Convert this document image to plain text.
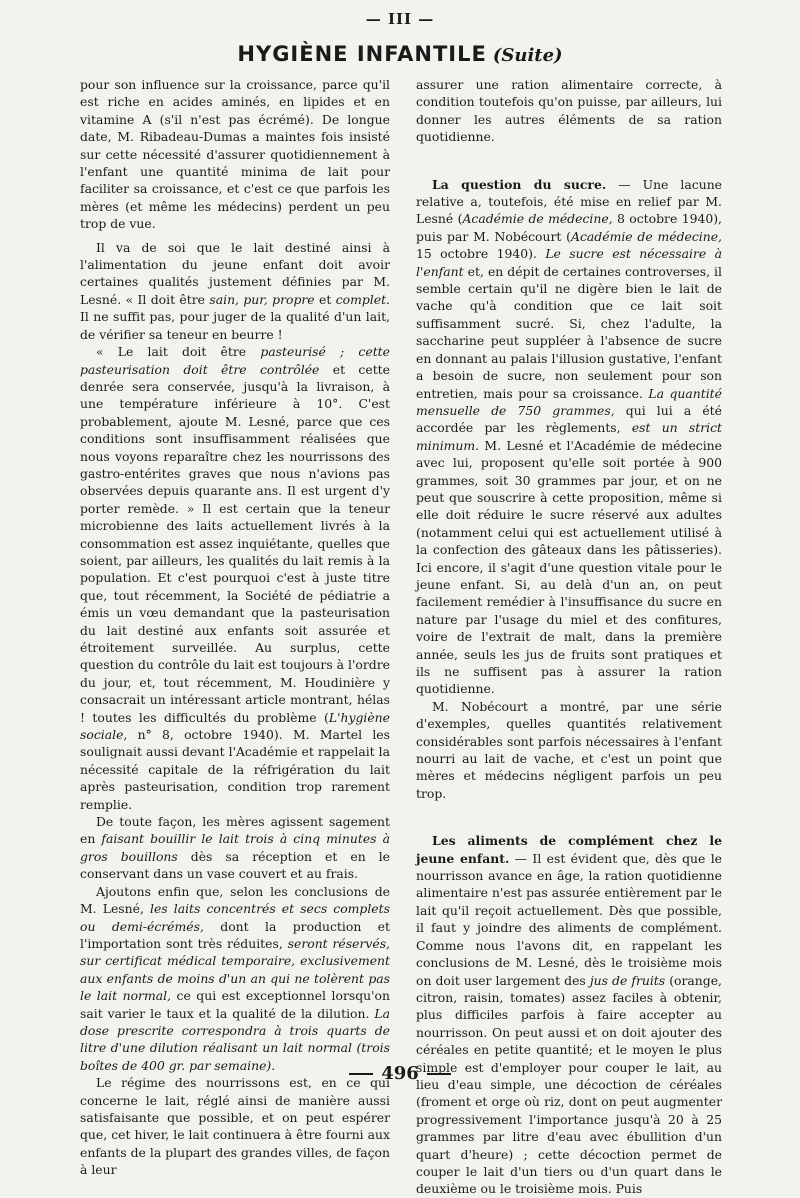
— III —
HYGIÈNE INFANTILE (Suite)

pour son influence sur la croissance, parce qu'il est riche en acides aminés, en lipides et en vitamine A (s'il n'est pas écrémé). De longue date, M. Ribadeau-Dumas a maintes fois insisté sur cette nécessité d'assurer quotidiennement à l'enfant une quantité minima de lait pour faciliter sa croissance, et c'est ce que parfois les mères (et même les médecins) perdent un peu trop de vue.

Il va de soi que le lait destiné ainsi à l'alimentation du jeune enfant doit avoir certaines qualités justement définies par M. Lesné. « Il doit être sain, pur, propre et complet. Il ne suffit pas, pour juger de la qualité d'un lait, de vérifier sa teneur en beurre !

« Le lait doit être pasteurisé ; cette pasteurisation doit être contrôlée et cette denrée sera conservée, jusqu'à la livraison, à une température inférieure à 10°. C'est probablement, ajoute M. Lesné, parce que ces conditions sont insuffisamment réalisées que nous voyons reparaître chez les nourrissons des gastro-entérites graves que nous n'avions pas observées depuis quarante ans. Il est urgent d'y porter remède. » Il est certain que la teneur microbienne des laits actuellement livrés à la consommation est assez inquiétante, quelles que soient, par ailleurs, les qualités du lait remis à la population. Et c'est pourquoi c'est à juste titre que, tout récemment, la Société de pédiatrie a émis un vœu demandant que la pasteurisation du lait destiné aux enfants soit assurée et étroitement surveillée. Au surplus, cette question du contrôle du lait est toujours à l'ordre du jour, et, tout récemment, M. Houdinière y consacrait un intéressant article montrant, hélas ! toutes les difficultés du problème (L'hygiène sociale, n° 8, octobre 1940). M. Martel les soulignait aussi devant l'Académie et rappelait la nécessité capitale de la réfrigération du lait après pasteurisation, condition trop rarement remplie.

De toute façon, les mères agissent sagement en faisant bouillir le lait trois à cinq minutes à gros bouillons dès sa réception et en le conservant dans un vase couvert et au frais.

Ajoutons enfin que, selon les conclusions de M. Lesné, les laits concentrés et secs complets ou demi-écrémés, dont la production et l'importation sont très réduites, seront réservés, sur certificat médical temporaire, exclusivement aux enfants de moins d'un an qui ne tolèrent pas le lait normal, ce qui est exceptionnel lorsqu'on sait varier le taux et la qualité de la dilution. La dose prescrite correspondra à trois quarts de litre d'une dilution réalisant un lait normal (trois boîtes de 400 gr. par semaine).

Le régime des nourrissons est, en ce qui concerne le lait, réglé ainsi de manière aussi satisfaisante que possible, et on peut espérer que, cet hiver, le lait continuera à être fourni aux enfants de la plupart des grandes villes, de façon à leur

assurer une ration alimentaire correcte, à condition toutefois qu'on puisse, par ailleurs, lui donner les autres éléments de sa ration quotidienne.

La question du sucre. — Une lacune relative a, toutefois, été mise en relief par M. Lesné (Académie de médecine, 8 octobre 1940), puis par M. Nobécourt (Académie de médecine, 15 octobre 1940). Le sucre est nécessaire à l'enfant et, en dépit de certaines controverses, il semble certain qu'il ne digère bien le lait de vache qu'à condition que ce lait soit suffisamment sucré. Si, chez l'adulte, la saccharine peut suppléer à l'absence de sucre en donnant au palais l'illusion gustative, l'enfant a besoin de sucre, non seulement pour son entretien, mais pour sa croissance. La quantité mensuelle de 750 grammes, qui lui a été accordée par les règlements, est un strict minimum. M. Lesné et l'Académie de médecine avec lui, proposent qu'elle soit portée à 900 grammes, soit 30 grammes par jour, et on ne peut que souscrire à cette proposition, même si elle doit réduire le sucre réservé aux adultes (notamment celui qui est actuellement utilisé à la confection des gâteaux dans les pâtisseries). Ici encore, il s'agit d'une question vitale pour le jeune enfant. Si, au delà d'un an, on peut facilement remédier à l'insuffisance du sucre en nature par l'usage du miel et des confitures, voire de l'extrait de malt, dans la première année, seuls les jus de fruits sont pratiques et ils ne suffisent pas à assurer la ration quotidienne.

M. Nobécourt a montré, par une série d'exemples, quelles quantités relativement considérables sont parfois nécessaires à l'enfant nourri au lait de vache, et c'est un point que mères et médecins négligent parfois un peu trop.

Les aliments de complément chez le jeune enfant. — Il est évident que, dès que le nourrisson avance en âge, la ration quotidienne alimentaire n'est pas assurée entièrement par le lait qu'il reçoit actuellement. Dès que possible, il faut y joindre des aliments de complément. Comme nous l'avons dit, en rappelant les conclusions de M. Lesné, dès le troisième mois on doit user largement des jus de fruits (orange, citron, raisin, tomates) assez faciles à obtenir, plus difficiles parfois à faire accepter au nourrisson. On peut aussi et on doit ajouter des céréales en petite quantité; et le moyen le plus simple est d'employer pour couper le lait, au lieu d'eau simple, une décoction de céréales (froment et orge où riz, dont on peut augmenter progressivement l'importance jusqu'à 20 à 25 grammes par litre d'eau avec ébullition d'un quart d'heure) ; cette décoction permet de couper le lait d'un tiers ou d'un quart dans le deuxième ou le troisième mois. Puis

496
